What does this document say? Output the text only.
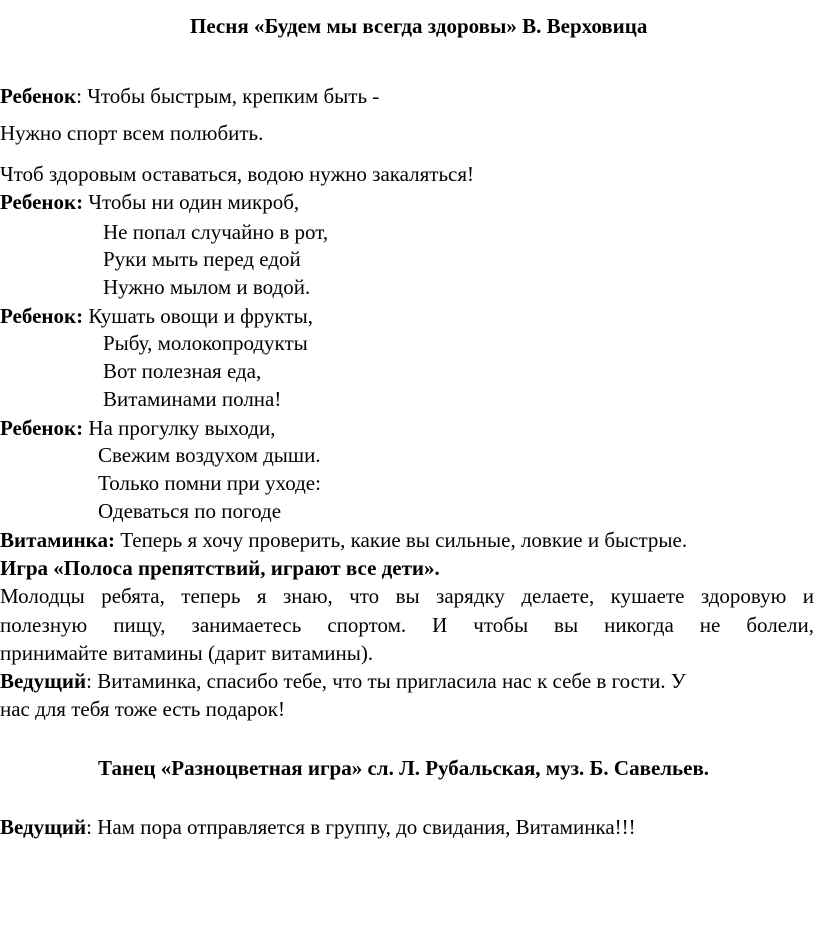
Песня «Будем мы всегда здоровы» В. Верховица
Ребенок: Чтобы быстрым, крепким быть -
Нужно спорт всем полюбить.
Чтоб здоровым оставаться, водою нужно закаляться!
Ребенок: Чтобы ни один микроб,
Не попал случайно в рот,
Руки мыть перед едой
Нужно мылом и водой.
Ребенок: Кушать овощи и фрукты,
Рыбу, молокопродукты
Вот полезная еда,
Витаминами полна!
Ребенок: На прогулку выходи,
Свежим воздухом дыши.
Только помни при уходе:
Одеваться по погоде
Витаминка: Теперь я хочу проверить, какие вы сильные, ловкие и быстрые.
Игра «Полоса препятствий, играют все дети».
Молодцы ребята, теперь я знаю, что вы зарядку делаете, кушаете здоровую и
полезную пищу, занимаетесь спортом. И чтобы вы никогда не болели,
принимайте витамины (дарит витамины).
Ведущий: Витаминка, спасибо тебе, что ты пригласила нас к себе в гости. У
нас для тебя тоже есть подарок!
Танец «Разноцветная игра» сл. Л. Рубальская, муз. Б. Савельев.
Ведущий: Нам пора отправляется в группу, до свидания, Витаминка!!!
